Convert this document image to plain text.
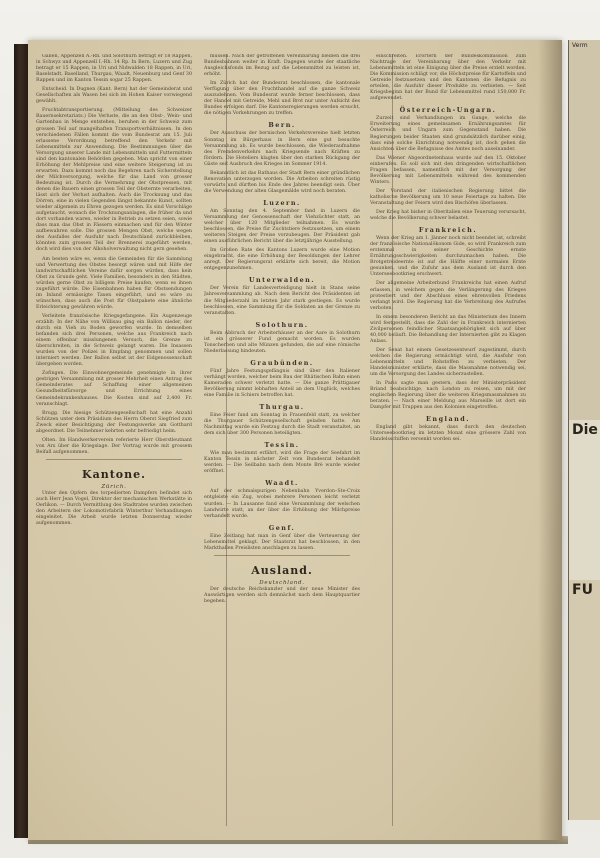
Gallen, Appenzell A.-Rh. und Solothurn betragt er 18 Rappen, in Schwyz und Appenzell I.-Rh. 14 Rp. In Bern, Luzern und Zug betragt er 15 Rappen, in Uri und Nidwalden 18 Rappen, in Uri, Baselstadt, Baselland, Thurgau, Waadt, Neuenburg und Genf 30 Rappen und im Kanton Tessin sogar 25 Rappen.

Entscheid. In Dugnen (Kant. Bern) hat der Gemeinderat und Gesellschaften als Wasen bei sich im Hohen Kaiser vorwiegend gewählt.

Fruchtabtransportierung. (Mitteilung des Schweizer Bauernsekretariats.) Die Verluste, die an den Obst-, Wein- und Gartenbau in Menge entstehen, beruhen in der Schweiz zum grossen Teil auf mangelhaften Transportverhältnissen. In den verschiedenen Fällen kommt die vom Bundesrat am 15. Juli erlassene Verordnung betreffend den Verkehr mit Lebensmitteln zur Anwendung. Die Bestimmungen über die Versorgung unserer Lande mit Lebensmitteln und Futtermitteln sind den kantonalen Behörden gegeben. Man spricht von einer Erhöhung der Mehlpreise und eine weitere Steigerung ist zu erwarten. Dazu kommt noch das Begehren nach Sicherstellung der Milchversorgung, welche für das Land von grosser Bedeutung ist. Durch die Vermehrung der Obstpressen, mit denen die Bauern einen grossen Teil der Obsternte verarbeiten, lässt sich der Verlust aufhalten. Auch die Trocknung und das Dörren, eine in vielen Gegenden längst bekannte Kunst, sollten wieder allgemein zu Ehren gezogen werden. Es sind Vorschläge aufgetaucht, wonach die Trocknungsanlagen, die früher da und dort vorhanden waren, wieder in Betrieb zu setzen seien, sowie dass man das Obst in Fässern einmachen und für den Winter aufbewahren solle. Die grossen Mengen Obst, welche wegen des Ausfalles der Ausfuhr nach Deutschland zurückbleiben, könnten zum grossen Teil der Brennerei zugeführt werden, doch wird dies von der Alkoholverwaltung nicht gern gesehen.

Am besten wäre es, wenn die Gemeinden für die Sammlung und Verwertung des Obstes besorgt wären und mit Hilfe der landwirtschaftlichen Vereine dafür sorgen würden, dass kein Obst zu Grunde geht. Viele Familien, besonders in den Städten, würden gerne Obst zu billigem Preise kaufen, wenn es ihnen zugeführt würde. Die Eisenbahnen haben für Obstsendungen im Inland ermässigte Taxen eingeführt, und es wäre zu wünschen, dass auch die Post für Obstpakete eine ähnliche Erleichterung gewähren würde.

Verleitete französische Kriegsgefangene. Ein Augenzeuge erzählt: In der Nähe von Willisau ging ein Ballon nieder, der durch ein Vieh zu Boden geworfen wurde. In demselben befanden sich drei Personen, welche aus Frankreich nach einem offenbar misslungenen Versuch, die Grenze zu überschreiten, in die Schweiz gelangt waren. Die Insassen wurden von der Polizei in Empfang genommen und sollen interniert werden. Der Ballon selbst ist der Eidgenossenschaft übergeben worden.

Zofingen. Die Einwohnergemeinde genehmigte in ihrer gestrigen Versammlung mit grosser Mehrheit einen Antrag des Gemeinderates auf Schaffung einer allgemeinen Gesundheitsfürsorge und Errichtung eines Gemeindekrankenhauses. Die Kosten sind auf 2,400 Fr. veranschlagt.

Brugg. Die hiesige Schützengesellschaft hat eine Anzahl Schützen unter dem Präsidium des Herrn Oberst Siegfried zum Zweck einer Besichtigung der Festungswerke am Gotthard abgeordnet. Die Teilnehmer kehrten sehr befriedigt heim.

Olten. Im Handwerkerverein referierte Herr Oberstleutnant von Arx über die Kriegslage. Der Vortrag wurde mit grossem Beifall aufgenommen.

Kantone.
Zürich.

Unter den Opfern des torpedierten Dampfers befindet sich auch Herr Jean Vogel, Direktor der mechanischen Werkstätte in Oerlikon. — Durch Vermittlung des Stadtrates wurden zwischen den Arbeitern der Lokomotivfabrik Winterthur Verhandlungen eingeleitet. Die Arbeit wurde letzten Donnerstag wieder aufgenommen.

mussen. Nach der getroffenen Vereinbarung bleiben die drei Bundesbahnen weiter in Kraft. Dagegen wurde der staatliche Ausgleichsfonds im Bezug auf die Lebensmittel zu leisten ist, erhöht.

Im Zürich hat der Bundesrat beschlossen, die kantonale Verfügung über den Fruchthandel auf die ganze Schweiz auszudehnen. Vom Bundesrat wurde ferner beschlossen, dass der Handel mit Getreide, Mehl und Brot nur unter Aufsicht des Bundes erfolgen darf. Die Kantonsregierungen werden ersucht, die nötigen Vorkehrungen zu treffen.

Bern.

Der Ausschuss der bernischen Verkehrsvereine hielt letzten Sonntag im Bürgerhaus in Bern eine gut besuchte Versammlung ab. Es wurde beschlossen, die Wiederaufnahme des Fremdenverkehrs nach Kriegsende nach Kräften zu fördern. Die Hoteliers klagten über den starken Rückgang der Gäste seit Ausbruch des Krieges im Sommer 1914.

Bekanntlich ist das Rathaus der Stadt Bern einer gründlichen Renovation unterzogen worden. Die Arbeiten schreiten rüstig vorwärts und dürften bis Ende des Jahres beendigt sein. Über die Verwendung der alten Glasgemälde wird noch beraten.

Luzern.

Am Sonntag den 4. September fand in Luzern die Versammlung der Genossenschaft der Viehzüchter statt, an welcher über 120 Mitglieder teilnahmen. Es wurde beschlossen, die Preise für Zuchtstiere festzusetzen, um einem weiteren Steigen der Preise vorzubeugen. Der Präsident gab einen ausführlichen Bericht über die letztjährige Ausstellung.

Im Großen Rate des Kantons Luzern wurde eine Motion eingebracht, die eine Erhöhung der Besoldungen der Lehrer anregt. Der Regierungsrat erklärte sich bereit, die Motion entgegenzunehmen.

Unterwalden.

Der Verein für Landesverteidigung hielt in Stans seine Jahresversammlung ab. Nach dem Bericht des Präsidenten ist die Mitgliederzahl im letzten Jahr stark gestiegen. Es wurde beschlossen, eine Sammlung für die Soldaten an der Grenze zu veranstalten.

Solothurn.

Beim Abbruch der Arbeiterhäuser an der Aare in Solothurn ist ein grösserer Fund gemacht worden. Es wurden Tonscherben und alte Münzen gefunden, die auf eine römische Niederlassung hindeuten.

Graubünden.

Fünf Jahre Festungsgefängnis sind über den Italiener verhängt worden, welcher beim Bau der Rhätischen Bahn einen Kameraden schwer verletzt hatte. — Die ganze Prättigauer Bevölkerung nimmt lebhaften Anteil an dem Unglück, welches eine Familie in Schiers betroffen hat.

Thurgau.

Eine Feier fand am Sonntag in Frauenfeld statt, zu welcher die Thurgauer Schützengesellschaft geladen hatte. Am Nachmittag wurde ein Festzug durch die Stadt veranstaltet, an dem sich über 300 Personen beteiligten.

Tessin.

Wie man bestimmt erfährt, wird die Frage der Seefahrt im Kanton Tessin in nächster Zeit vom Bundesrat behandelt werden. — Die Seilbahn nach dem Monte Brè wurde wieder eröffnet.

Waadt.

Auf der schmalspurigen Nebenbahn Yverdon–Ste-Croix entgleiste ein Zug, wobei mehrere Personen leicht verletzt wurden. — In Lausanne fand eine Versammlung der welschen Landwirte statt, an der über die Erhöhung der Milchpreise verhandelt wurde.

Genf.

Eine Zeitlang hat man in Genf über die Verteuerung der Lebensmittel geklagt. Der Staatsrat hat beschlossen, in den Markthallen Preislisten anschlagen zu lassen.

Ausland.
Deutschland.

Der deutsche Reichskanzler und der neue Minister des Auswärtigen werden sich demnächst nach dem Hauptquartier begeben.

einschreiten. Erörtern der Bundeskommission zum Nachtrage der Vereinbarung über den Verkehr mit Lebensmitteln ist eine Einigung über die Preise erzielt worden. Die Kommission schlägt vor, die Höchstpreise für Kartoffeln und Getreide festzusetzen und den Kantonen die Befugnis zu erteilen, die Ausfuhr dieser Produkte zu verbieten. — Seit Kriegsbeginn hat der Bund für Lebensmittel rund 150,000 Fr. aufgewendet.

Österreich-Ungarn.

Zurzeit sind Verhandlungen im Gange, welche die Erweiterung eines gemeinsamen Ernährungsamtes für Österreich und Ungarn zum Gegenstand haben. Die Regierungen beider Staaten sind grundsätzlich darüber einig, dass eine solche Einrichtung notwendig ist, doch gehen die Ansichten über die Befugnisse des Amtes noch auseinander.

Das Wiener Abgeordnetenhaus wurde auf den 15. Oktober einberufen. Es soll sich mit den dringenden wirtschaftlichen Fragen befassen, namentlich mit der Versorgung der Bevölkerung mit Lebensmitteln während des kommenden Winters.

Der Vorstand der italienischen Regierung bittet die katholische Bevölkerung um 10 neue Feiertage zu halten. Die Veranstaltung der Feiern wird den Bischöfen überlassen.

Der Krieg hat bisher in Oberitalien eine Teuerung verursacht, welche die Bevölkerung schwer belastet.

Frankreich.

Wenn der Krieg am 1. Jänner noch nicht beendet ist, schreibt der französische Nationalökonom Gide, so wird Frankreich zum erstenmal in seiner Geschichte ernste Ernährungsschwierigkeiten durchzumachen haben. Die Brotgetreideernte ist auf die Hälfte einer normalen Ernte gesunken, und die Zufuhr aus dem Ausland ist durch den Unterseebootkrieg erschwert.

Der allgemeine Arbeiterbund Frankreichs hat einen Aufruf erlassen, in welchem gegen die Verlängerung des Krieges protestiert und der Abschluss eines ehrenvollen Friedens verlangt wird. Die Regierung hat die Verbreitung des Aufrufes verboten.

In einem besonderen Bericht an das Ministerium des Innern wird festgestellt, dass die Zahl der in Frankreich internierten Zivilpersonen feindlicher Staatsangehörigkeit sich auf über 40,000 beläuft. Die Behandlung der Internierten gibt zu Klagen Anlass.

Der Senat hat einem Gesetzesentwurf zugestimmt, durch welchen die Regierung ermächtigt wird, die Ausfuhr von Lebensmitteln und Rohstoffen zu verbieten. Der Handelsminister erklärte, dass die Massnahme notwendig sei, um die Versorgung des Landes sicherzustellen.

In Paris sagte man gestern, dass der Ministerpräsident Briand beabsichtige, nach London zu reisen, um mit der englischen Regierung über die weiteren Kriegsmassnahmen zu beraten. — Nach einer Meldung aus Marseille ist dort ein Dampfer mit Truppen aus den Kolonien eingetroffen.

England.

England gibt bekannt, dass durch den deutschen Unterseebootkrieg im letzten Monat eine grössere Zahl von Handelsschiffen versenkt worden sei.

Verm
Die
FU
